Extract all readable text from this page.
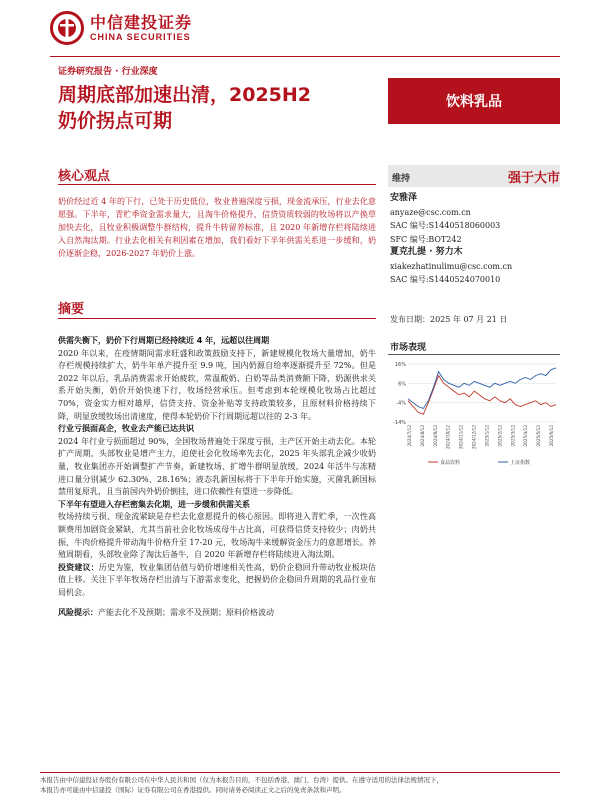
中信建投证券
CHINA SECURITIES
证券研究报告 · 行业深度
周期底部加速出清，2025H2
奶价拐点可期
饮料乳品
核心观点
奶价经过近 4 年的下行，已处于历史低位，牧业普遍深度亏损，现金流承压，行业去化意愿强。下半年，青贮季资金需求量大，且淘牛价格提升，信贷资质较弱的牧场将以产换草加快去化，且牧业积极调整牛群结构，提升牛转留养标准，且 2020 年新增存栏将陆续进入自然淘汰期。行业去化相关有利因素在增加，我们看好下半年供需关系进一步缓和，奶价逐渐企稳，2026-2027 年奶价上涨。
摘要

供需失衡下，奶价下行周期已经持续近 4 年，远超以往周期

2020 年以来，在疫情期间需求旺盛和政策鼓励支持下，新建规模化牧场大量增加，奶牛存栏规模持续扩大，奶牛年单产提升至 9.9 吨，国内奶源自给率逐渐提升至 72%。但是 2022 年以后，乳品消费需求开始疲软，常温酸奶、白奶等品类消费额下降，奶源供求关系开始失衡，奶价开始快速下行，牧场经营承压。但考虑到本轮规模化牧场占比超过 70%，资金实力相对雄厚，信贷支持、资金补贴等支持政策较多，且原材料价格持续下降，明显放缓牧场出清速度，使得本轮奶价下行周期远超以往的 2-3 年。

行业亏损面高企，牧业去产能已达共识

2024 年行业亏损面超过 90%，全国牧场普遍处于深度亏损，主产区开始主动去化。本轮扩产周期，头部牧业是增产主力，迫使社会化牧场率先去化，2025 年头部乳企减少收奶量，牧业集团亦开始调整扩产节奏，新建牧场、扩增牛群明显放缓，2024 年活牛与冻精进口量分别减少 62.30%、28.16%；液态乳新国标将于下半年开始实施，灭菌乳新国标禁用复原乳，且当前国内外奶价倒挂，进口依赖性有望进一步降低。

下半年有望进入存栏密集去化期，进一步缓和供需关系

牧场持续亏损、现金流紧缺是存栏去化意愿提升的核心原因。即将进入青贮季，一次性高额费用加剧资金紧缺，尤其当前社会化牧场成母牛占比高，可获得信贷支持较少；肉奶共振，牛肉价格提升带动淘牛价格升至 17-20 元，牧场淘牛来缓解资金压力的意愿增长。养殖周期看，头部牧业除了淘汰后备牛，自 2020 年新增存栏将陆续进入淘汰期。

投资建议：历史为鉴，牧业集团估值与奶价增速相关性高，奶价企稳回升带动牧业板块估值上移。关注下半年牧场存栏出清与下游需求变化，把握奶价企稳回升周期的乳品行业布局机会。

风险提示：产能去化不及预期；需求不及预期；原料价格波动

维持	强于大市
安雅泽
anyaze@csc.com.cn
SAC 编号:S1440518060003
SFC 编号:BOT242
夏克扎提 · 努力木
xiakezhatinulimu@csc.com.cn
SAC 编号:S1440524070010
发布日期：2025 年 07 月 21 日
市场表现
16%
6%
-4%
-14%
2024/7/12 2024/8/12 2024/9/12 2024/10/12 2024/11/12 2024/12/12 2025/1/12 2025/2/12 2025/3/12 2025/4/12 2025/5/12 2025/6/12
食品饮料	上证指数
本报告由中信建投证券股份有限公司在中华人民共和国（仅为本报告目的，不包括香港、澳门、台湾）提供。在遵守适用的法律法规情况下，
本报告亦可能由中信建投（国际）证券有限公司在香港提供。同时请务必阅读正文之后的免责条款和声明。
